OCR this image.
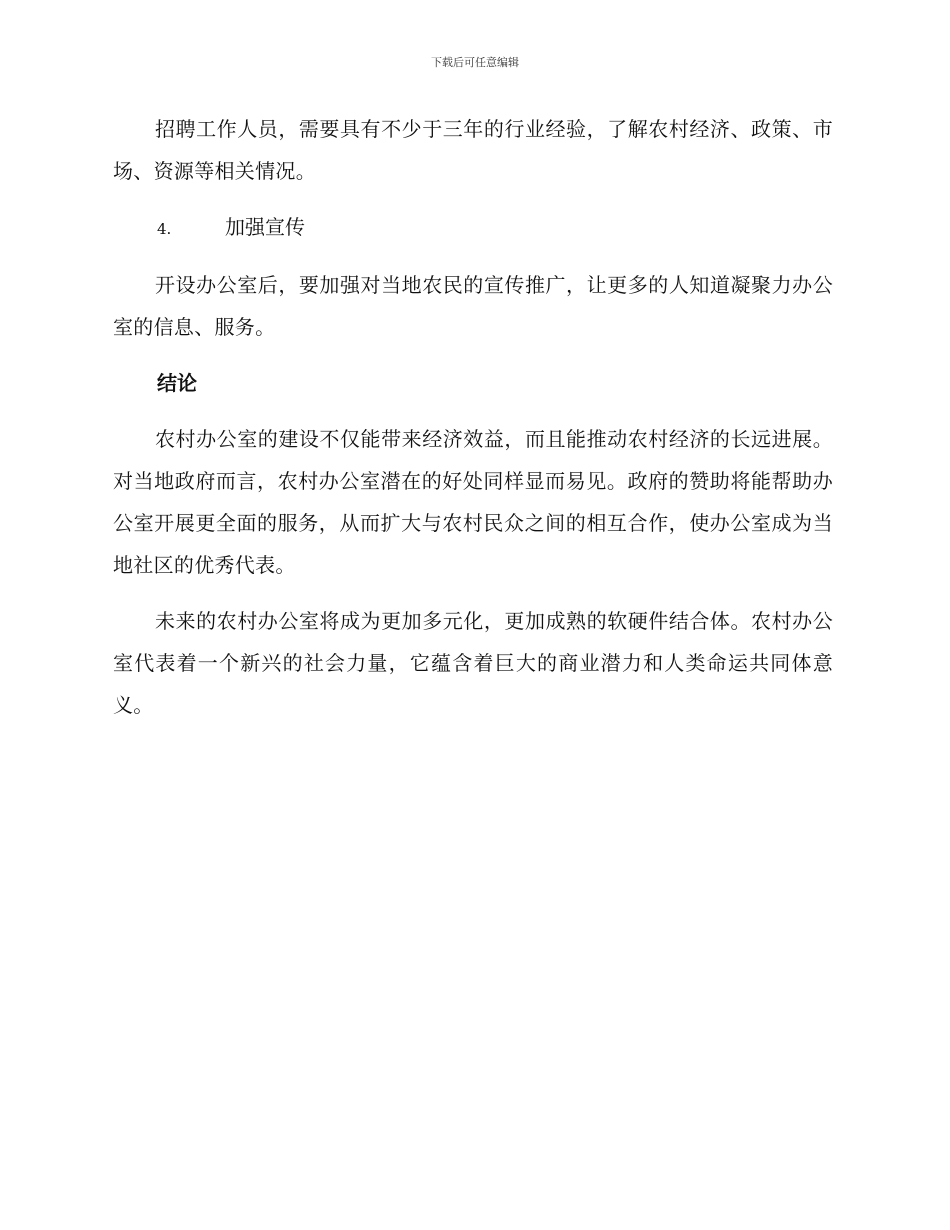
下载后可任意编辑

招聘工作人员，需要具有不少于三年的行业经验，了解农村经济、政策、市场、资源等相关情况。

4.	加强宣传

开设办公室后，要加强对当地农民的宣传推广，让更多的人知道凝聚力办公室的信息、服务。

结论

农村办公室的建设不仅能带来经济效益，而且能推动农村经济的长远进展。对当地政府而言，农村办公室潜在的好处同样显而易见。政府的赞助将能帮助办公室开展更全面的服务，从而扩大与农村民众之间的相互合作，使办公室成为当地社区的优秀代表。

未来的农村办公室将成为更加多元化，更加成熟的软硬件结合体。农村办公室代表着一个新兴的社会力量，它蕴含着巨大的商业潜力和人类命运共同体意义。
